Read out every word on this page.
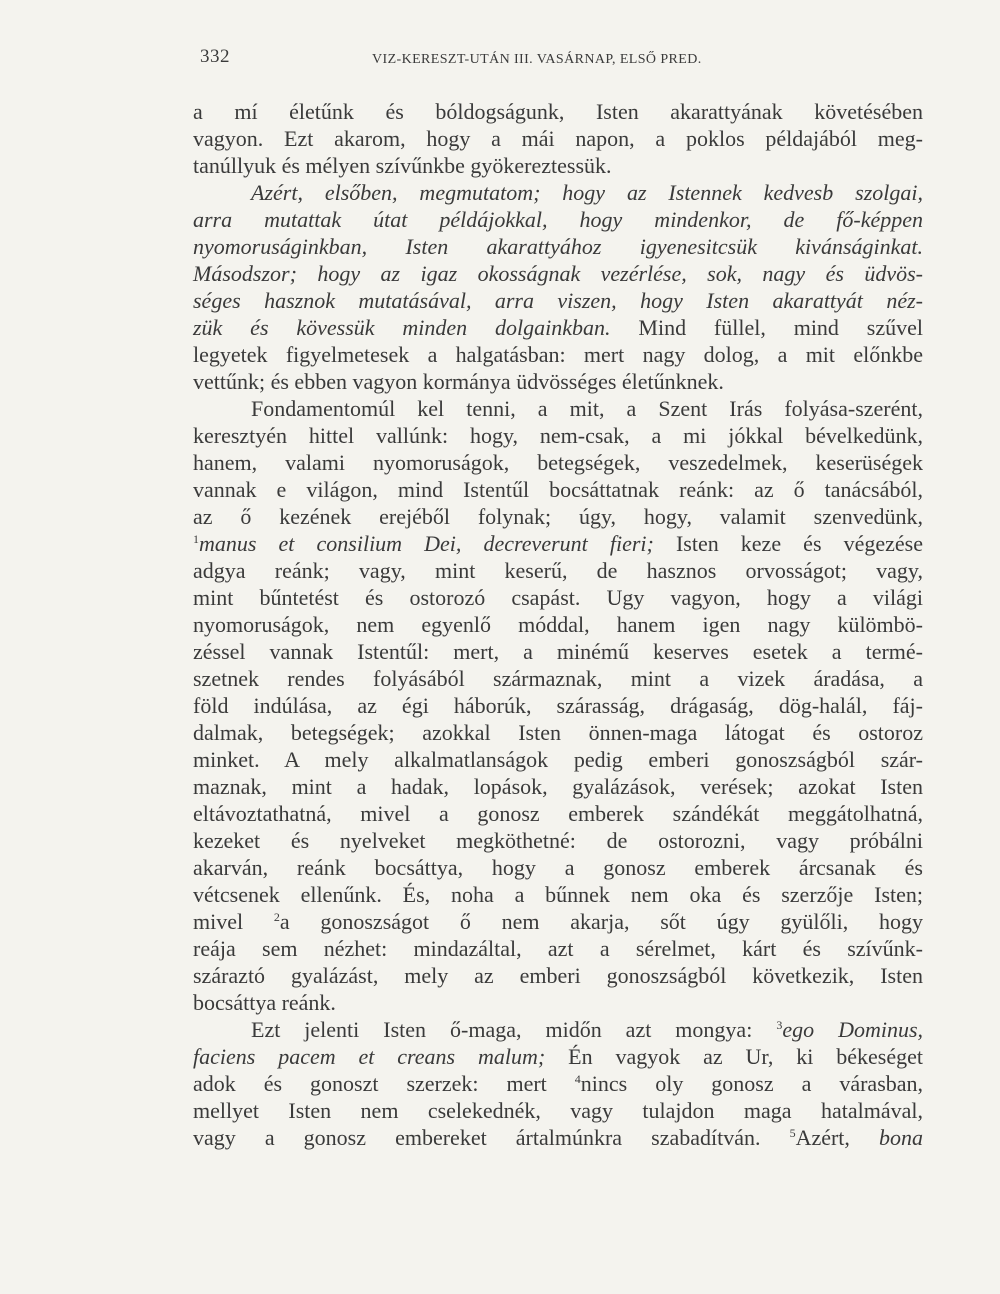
332	VIZ-KERESZT-UTÁN III. VASÁRNAP, ELSŐ PRED.
a mí életűnk és bóldogságunk, Isten akarattyának követésében
vagyon. Ezt akarom, hogy a mái napon, a poklos példajából meg-
tanúllyuk és mélyen szívűnkbe gyökereztessük.
Azért, elsőben, megmutatom; hogy az Istennek kedvesb szolgai,
arra mutattak útat példájokkal, hogy mindenkor, de fő-képpen
nyomoruságinkban, Isten akarattyához igyenesitcsük kivánságinkat.
Másodszor; hogy az igaz okosságnak vezérlése, sok, nagy és üdvös-
séges hasznok mutatásával, arra viszen, hogy Isten akarattyát néz-
zük és kövessük minden dolgainkban. Mind füllel, mind szűvel
legyetek figyelmetesek a halgatásban: mert nagy dolog, a mit előnkbe
vettűnk; és ebben vagyon kormánya üdvösséges életűnknek.
Fondamentomúl kel tenni, a mit, a Szent Irás folyása-szerént,
keresztyén hittel vallúnk: hogy, nem-csak, a mi jókkal bévelkedünk,
hanem, valami nyomoruságok, betegségek, veszedelmek, keserüségek
vannak e világon, mind Istentűl bocsáttatnak reánk: az ő tanácsából,
az ő kezének erejéből folynak; úgy, hogy, valamit szenvedünk,
$^1$manus et consilium Dei, decreverunt fieri; Isten keze és végezése
adgya reánk; vagy, mint keserű, de hasznos orvosságot; vagy,
mint bűntetést és ostorozó csapást. Ugy vagyon, hogy a világi
nyomoruságok, nem egyenlő móddal, hanem igen nagy külömbö-
zéssel vannak Istentűl: mert, a minémű keserves esetek a termé-
szetnek rendes folyásából származnak, mint a vizek áradása, a
föld indúlása, az égi háborúk, szárasság, drágaság, dög-halál, fáj-
dalmak, betegségek; azokkal Isten önnen-maga látogat és ostoroz
minket. A mely alkalmatlanságok pedig emberi gonoszságból szár-
maznak, mint a hadak, lopások, gyalázások, verések; azokat Isten
eltávoztathatná, mivel a gonosz emberek szándékát meggátolhatná,
kezeket és nyelveket megköthetné: de ostorozni, vagy próbálni
akarván, reánk bocsáttya, hogy a gonosz emberek árcsanak és
vétcsenek ellenűnk. És, noha a bűnnek nem oka és szerzője Isten;
mivel	$^2$a gonoszságot ő nem akarja, sőt úgy gyülőli, hogy
reája sem nézhet: mindazáltal, azt a sérelmet, kárt és szívűnk-
száraztó gyalázást, mely az emberi gonoszságból következik, Isten
bocsáttya reánk.
Ezt jelenti Isten ő-maga, midőn azt mongya: $^3$ego Dominus,
faciens pacem et creans malum; Én vagyok az Ur, ki békeséget
adok és gonoszt szerzek: mert $^4$nincs oly gonosz a várasban,
mellyet Isten nem cselekednék, vagy tulajdon maga hatalmával,
vagy a gonosz embereket ártalmúnkra szabadítván. $^5$Azért, bona
